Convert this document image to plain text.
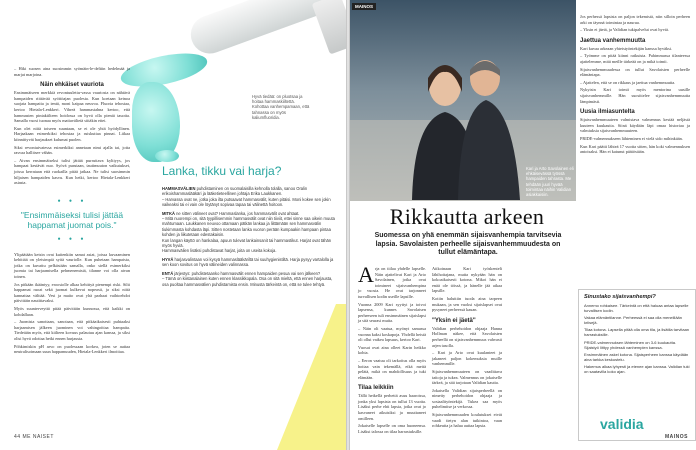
Hyvä tiedää: on pluotsaa ja hoitaa hammaskiiltettä. Kohottaa vanhempamaan, että tahnassa on myös kaliumfluoridia.

– Hiki suosen aina suosimmin syömäin-le-deltiin hedelmää ja marjat marjoina.

Näin ehkäiset vauriota

Ensimmäiseen merkkiä revontuulettu-vassa vauriosta on nähtävä hampaiden riittävää syöttöajan puolesta. Kun koetaan keinoa suojata hampaita ja ientä, moni kaipaa neuvoa. Fluoria tehostaa, kertoo Hietala-Lenkkeri. Vihreä hammastahna kertoo, että hammasten pintakiilteen hoidossa on hyvä olla pieniä tauotta. Samalla vuosi tuonaa myös mattavälietä siitäkin ettei.

Kun olet niitä toiseen suuntaan, se ei ole yhtä hyödyllinen. Harjaakaan esimerkiksi tehostaa ja ruiskuttaa pinnat. Liikaa kiinnittyvät harjaukset kulumat puolen.

Siksi revontuivatessa esimerkiksi annetaan nimi ajalla tai, jotta rasvaa hallitsee vähän.

– Aivan ensimmäiseksi tulisi jättää purruttava kyltiyys, jos hampaat kestävät nuo. Syövä purutaan, tautimuuton vaikutukset, joissa kerrataan että ruokailla pitää jatkaa. Ne tulisi suosimmin hiljaisen hampaiden kasvu. Kun hetki, kertoo Hietala-Lenkkeri asiasta.

• • •
"Ensimmäiseksi tulisi jättää happamat juomat pois."
• • •

Ylipäätään ketsin ovat kuitenkiin samat asiat, joissa kuvaaminen kehittää on yleisimpiä syitä vauriolle. Kun puhetaan hampaista, jotka on kuvattu pelkästään samalla, onko siellä esimerkiksi juomia tai harjaamisella pehmenemistä, tilanne voi olla aivan toinen.

Jos pitkään ikääntyy, eroosiolle alkaa kehittyä pienempi riski. Silti happamat ruoat sekä juomat kulkevat nopeasti, ja siksi niitä kannattaa välttää. Vesi ja maito ovat yhä parhaat vaihtoehdot päivittäin nautittavaksi.

Myös suunterveyttä pitää päivittäin kunnossa, että kaikki on kohdallaan.

– Juomista sanottaan, sanotaan, että pitkäaikaisesti puhtaaksi harjaamisen jälkeen juominen voi vahingoittaa hampaita. Tiedetään myös, että kiilteen kovuus palautuu ajan kanssa, ja siksi olisi hyvä odottaa hetki ennen harjausta.

Pöhkimiskin pH arvo on puolessaan korkea, joten se auttaa neutralisoimaan suun happamuuden, Hietala-Lenkkeri ilmoittaa.

Lanka, tikku vai harja?

HAMMASVÄLIEN puhdistaminen on suomalaisilla kehnolla tolalla, sanoo Oralin erikoishammaslääkäri ja lääketieteellinen johtaja Erika Laukkanen.

– Harvassa ovat ne, jotka joka ilta putsaavat hammasvälit, kuten pitäisi. Moni kokee sen jokin vaikeaksi tai ei vain ole löytänyt sopivaa tapaa tai välinettä hoitoon.

MITKÄ ne sitten välineet ovat? Hammaslanka, jos hammasvälit ovat ahtaat.

– Mitä nuorempi on, sitä tyypillisemmin hammasvälit ovat niin tiiviit, ettei sinne saa oikein muuta mahtumaan. Laukkanen neuvoo ottamaan pätkän lankaa ja liittämään sen hammasvälin tiukimmasta kohdasta läpi. Sitten nostetaan lanka vuoron perään kumpaakin hampaan pintaa kohden ja liikutetaan edestakaisin.

Kun langan käyttö on hankalaa, apuun tulevat lankainsanit tai hammastikut. Harjat ovat tähän myös hyviä.

Hammasvälien lisäksi puhdistavat harjat, joita on useita kokoja.

HYVÄ harjasvalintaan voi kysyä hammaslääkäriltä tai suuhygienistiltä. Harja pysyy vartalolla ja sen koon sovitus on hyvä välineiden valinnassa.

ENTÄ järjestys: puhdistetaanko hammasvälit ennen hampaiden pesua vai sen jälkeen?

– Tämä on kiistanalainen kuten ennen klassikkopala. Osa on sitä mieltä, että ennen harjausta, osa puoltaa hammasvälien puhdistamista ensin. Minusta tärkeintä on, että se tulee tehtyä.

44 ME NAISET
MAINOS
Kari ja Arto Savolainen eli ehkäisevässä työssä hampaiden tahrasta. Me tehdään juuri hyvää toimintaa näihin Validian asiakkaisiin.
Rikkautta arkeen
Suomessa on yhä enemmän sijaisvanhempia tarvitsevia lapsia. Savolaisten perheelle sijaisvanhemmuudesta on tullut elämäntapa.

Arja on tiilaa yhdelle lapselle. Näin ajattelivat Kari ja Arto Savolainen, jotka ovat toimineet sijaisvanhempina jo vuosia. He ovat tarjonneet turvallisen kodin useille lapsille.

Vuonna 2009 Kari syyttyi ja toivoi lapsensa, kunnes Savolaisen perheeseen tuli ensimmäinen sijaislapsi ja sitä seurasi muita.

– Näin oli vaatua, myönyt samassa vuonna kaksi koskapoja. Yhdellä heistä oli ollut vaikea lapsuus, kertoo Kari.

Vuosat ovat aina olleet Karin heikko kohta.

– Eeron vaatuu oli tarkoitus olla myös hoitaa vain tekemällä, eikä meitä pelätä, mikä on mahdollisuus ja tuki elämään.

Tilaa leikkiin

Tällä hetkellä perhettä asuu haaroissa, jonka yksi lapsista on tullut 13 vuotta. Lisäksi perhe ehti lapsia, jotka ovat jo kasvaneet aikuisiksi ja muuttaneet omilleen.

Jokaiselle lapselle on oma huoneensa. Lisäksi talossa on tilaa harrastuksille.

Aiikoinaan Kari työskenteli lähihoitajana, mutta nykyään hän on kokoaikaisesti kotona. Mikoi hän ei enää ole töissä, ja hänelle jää aikaa lapsille.

Kotiin haluttiin tuoda aina tarpeen mukaan, ja sen vuoksi sijaislapset ovat pysyneet perheessä kauan.

"Yksin ei jäetä"

Validian perhehoidon ohjaaja Hanna Hollman näkee, että Savolaisten perheellä on sijaisvanhemmuus vahvasti arjen tasolla.

– Kari ja Arto ovat kuulanteet ja jakaneet paljon kokemuksia muille vanhemmille.

Sijaisvanhemmuuteen on vaadittava taitoja ja tukea. Valmennus on jokaiselle tärkeä, ja sitä tarjotaan Validian kautta.

Jokaisella Validian sijaisperheellä on nimetty perhehoidon ohjaaja ja sosiaalityöntekijä. Tukea saa myös puhelimitse ja verkossa.

Sijaisvanhemmuuden koulutukset eivät vaadi tietyn alan tutkintoa, vaan rohkeutta ja halua auttaa lapsia.

Jos perhessä lapsista on paljon tekemistä, niin silloin perheen arki on täynnä toimintaa ja naurua.

– Yksin ei jäetä, ja Validian tukipalvelut ovat hyviä.

Jaettua vanhemmuutta

Kari kuvaa arkeaan yhteistyöntekijän kanssa hyväksi.

– Työmme on pitää kiinni ratkuista. Pahimmassa tilanteessa ajattelemme, mitä meille tärkeää on ja mikä toimii.

Sijaisvanhemmuudessa on tullut Savolaisten perheelle elämäntapa.

– Ajattelen, että se on rikkaus ja jaettua vanhemmuutta.

Nykyisin Kari toimii myös mentorina uusille sijaisvanhemmille. Hän suosittelee sijaisvanhemmuutta lämpimästi.

Uusia ilmiasuntelta

Sijaisvanhemmuuteen valmistava valmennus kestää neljästä kuuteen kuukautta. Siinä käydään läpi omaa historiaa ja valmiuksia sijaisvanhemmuuteen.

PRIDE-valmennukseen lähteminen ei vielä sido mihinkään.

Kun Kari päätti lähteä 17 vuotta sitten, hän koki valmennuksen antoisaksi. Hän ei katunut päätöstään.

Sinustako sijaisvanhempi?

Annemo rohkaisee. Tärkeintä on että haluaa antaa lapselle turvallisen kodin.

Vakaa elämäntilanne. Perheessä ei saa olla meneillään kriisejä.

Tilaa kotona. Lapsella pitää olla oma tila, ja lisätila tarvitaan harrastuksille.

PRIDE-valmennuksen lähteminen on 3-6 kuukautta. Sijaistyö liittyy yhdessä vanhempien kanssa.

Ensimmäinen askel kotona. Sijaisperheen kanssa käydään aina tarkka keskustelu.

Hakemus alkaa lyhyesti ja etenee ajan kanssa. Validian tuki on saatavilla koko ajan.

validia
MAINOS
